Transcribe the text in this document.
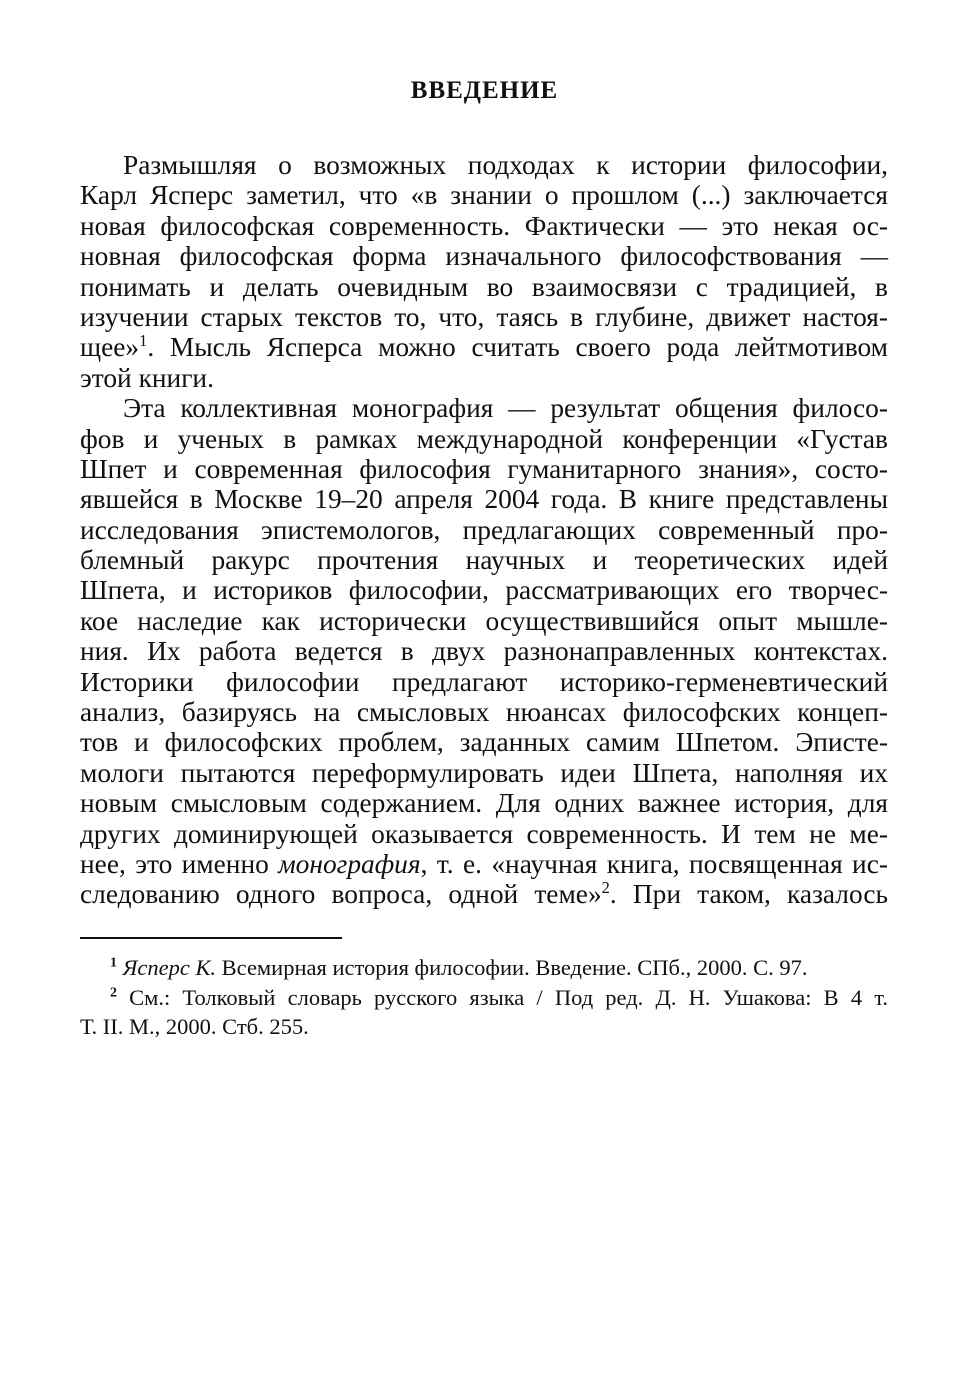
ВВЕДЕНИЕ
Размышляя о возможных подходах к истории философии,
Карл Ясперс заметил, что «в знании о прошлом (...) заключается
новая философская современность. Фактически — это некая ос-
новная философская форма изначального философствования —
понимать и делать очевидным во взаимосвязи с традицией, в
изучении старых текстов то, что, таясь в глубине, движет настоя-
щее»$^1$. Мысль Ясперса можно считать своего рода лейтмотивом
этой книги.
Эта коллективная монография — результат общения филосо-
фов и ученых в рамках международной конференции «Густав
Шпет и современная философия гуманитарного знания», состо-
явшейся в Москве 19–20 апреля 2004 года. В книге представлены
исследования эпистемологов, предлагающих современный про-
блемный ракурс прочтения научных и теоретических идей
Шпета, и историков философии, рассматривающих его творчес-
кое наследие как исторически осуществившийся опыт мышле-
ния. Их работа ведется в двух разнонаправленных контекстах.
Историки философии предлагают историко-герменевтический
анализ, базируясь на смысловых нюансах философских концеп-
тов и философских проблем, заданных самим Шпетом. Эписте-
мологи пытаются переформулировать идеи Шпета, наполняя их
новым смысловым содержанием. Для одних важнее история, для
других доминирующей оказывается современность. И тем не ме-
нее, это именно монография, т. е. «научная книга, посвященная ис-
следованию одного вопроса, одной теме»$^2$. При таком, казалось
$^1$ Ясперс К. Всемирная история философии. Введение. СПб., 2000. С. 97.
$^2$ См.: Толковый словарь русского языка / Под ред. Д. Н. Ушакова: В 4 т.
Т. II. М., 2000. Стб. 255.
